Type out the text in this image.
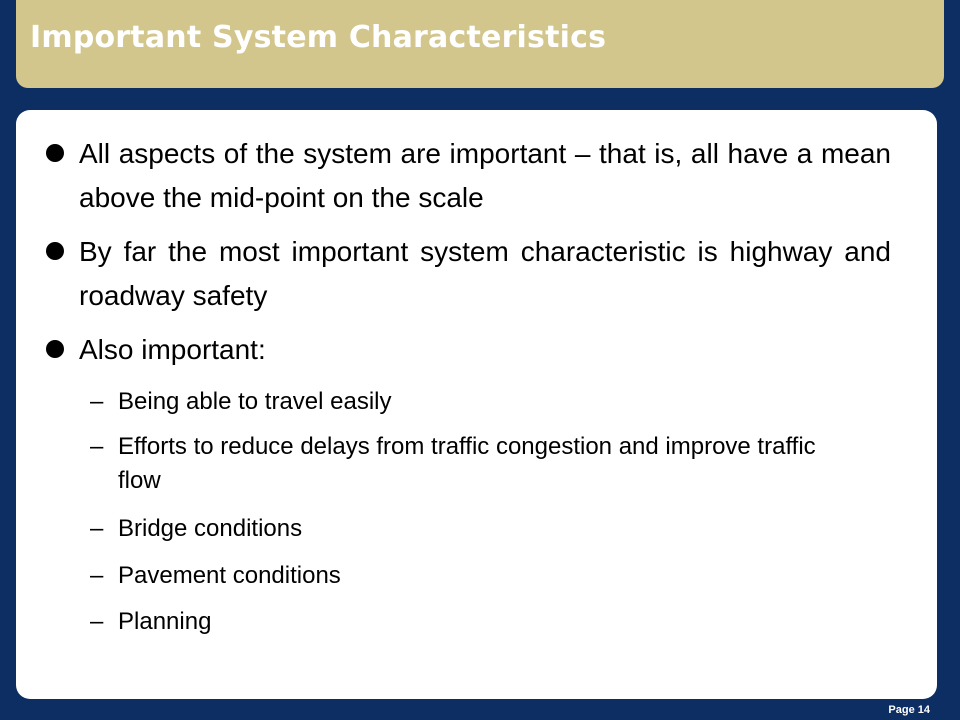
Important System Characteristics
All aspects of the system are important – that is, all have a mean above the mid-point on the scale
By far the most important system characteristic is highway and roadway safety
Also important:
– Being able to travel easily
– Efforts to reduce delays from traffic congestion and improve traffic flow
– Bridge conditions
– Pavement conditions
– Planning
Page 14
